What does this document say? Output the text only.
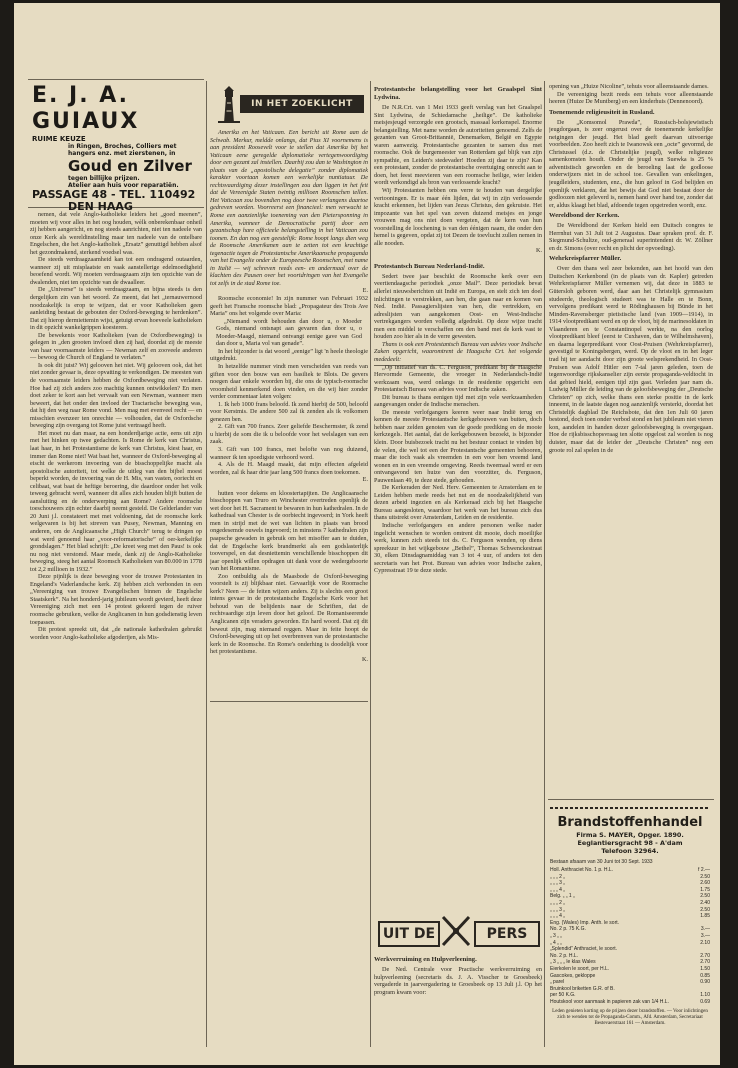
E. J. A. GUIAUX
RUIME KEUZE
in Ringen, Broches, Colliers met
hangers enz. met zierstenen, in
Goud en Zilver
tegen billijke prijzen.
Atelier aan huis voor reparatiën.
PASSAGE 48 - TEL. 110492
DEN HAAG

nemen, dat vele Anglo-katholieke leiders het „goed meenen”, moeten wij voor alles in het oog houden, wèlk onberekenbaar onheil zij hebben aangericht, en nog steeds aanrichten, niet ten nadeele van onze Kerk als wereldinstelling maar ten nadeele van de ontelbare Engelschen, die het Anglo-katholiek „Ersatz” genuttigd hebben alsof het gezondmakend, sterkend voedsel was.

De steeds verdraagzaamheid kan tot een ondragend outaarden, wanneer zij uit misplaatste en vaak aanstellerige edelmoedigheid beoefend wordt. Wij moeten verdraagzaam zijn ten opzichte van de dwalenden, niet ten opzichte van de dwaalleer.

De „Universe” is steeds verdraagzaam, en bijna steeds is den dergelijken zin van het woord. Ze meent, dat het „ternauwernood noodzakelijk is erop te wijzen, dat er voor Katholieken geen aanleiding bestaat de gebouten der Oxford-beweging te herdenken”. Dat zij hierop dermiettemin wijst, getuigt ervan hoeveele katholieken in dit opzicht wankelgrippen koesteren.

De bewekenis voor Katholieken (van de Oxfordbeweging) is gelegen in „den grooten invloed dien zij had, doordat zij de meeste van haar voornaamste leiders — Newman zelf en zooveele anderen — bewoog de Church of England te verlaten.”

Is ook dit juist? Wij gelooven het niet. Wij gelooven ook, dat het niet zonder gevaar is, deze opvatting te verkondigen. De meesten van de voornaamste leiders hebben de Oxfordbeweging niet verlaten. Hoe had zij zich anders zoo machtig kunnen ontwikkelen? En men doet zeker te kort aan het vervaalt van een Newman, wanneer men beweert, dat het onder den invloed der Tractarische beweging was, dat hij den weg naar Rome vond. Men mag met evenveel recht — en misschien evenzeer ten onrechte — volhouden, dat de Oxfordsche beweging zijn overgang tot Rome juist vertraagd heeft.

Het moet nu dan maar, na een honderdjarige actie, eens uit zijn met het hinken op twee gedachten. Is Rome de kerk van Christus, laat haar, in het Protestantisme de kerk van Christus, kiest haar, en immer dan Rome niet! Wat baat het, wanneer de Oxford-beweging al eischt de werkerom invoering van de bisschoppelijke macht als apostolische autoriteit, tot welke de uitleg van den bijbel moest beperkt worden, de invoering van de H. Mis, van vasten, ooriecht en celibaat, wat baat de heftige beroering, die daardoor onder het volk teweeg gebracht werd, wanneer dit alles zich houden blijft buiten de aansluiting en de onderwerping aan Rome? Andere roomsche toeschouwers zijn echter daarbij neemt gesteld. De Gelderlander van 20 Juni j.l. constateert met met voldoening, dat de roomsche kerk welgevaren is bij het streven van Pusey, Newman, Manning en anderen, om de Anglicaansche „High Church” terug te dringen op wat werd genoemd haar „voor-reformatorische” of oer-kerkelijke grondslagen.” Het blad schrijft: „De kreet weg met den Paus! is ook nu nog niet verstomd. Maar mede, dank zij de Anglo-Katholieke beweging, steeg het aantal Roomsch Katholieken van 80.000 in 1778 tot 2,2 millioen in 1932.”

Deze pijnlijk is deze beweging voor de trouwe Protestanten in Engeland's Vaderlandsche kerk. Zij hebben zich verbonden in een „Vereeniging van trouwe Evangelischen binnen de Engelsche Staatskerk”. Na het honderd-jarig jubileum wordt gevierd, heeft deze Vereeniging zich met een 14 protest gekeerd tegen de ruiver roomsche gebruiken, welke de Anglicanen in hun godsdienstig leven toepassen.

Dit protest spreekt uit, dat „de nationale kathedralen gebruikt worden voor Anglo-katholieke afgoderijen, als Mis-

IN HET ZOEKLICHT

Amerika en het Vaticaan. Een bericht uit Rome aan de Schwab. Merkur, meldde onlangs, dat Pius XI voornemens is aan president Roosevelt voor te stellen dat Amerika bij het Vaticaan eene geregelde diplomatieke vertegenwoordiging door een gezant zal instellen. Daarbij zou dan te Washington in plaats van de „apostolische delegatie” zonder diplomatiek karakter voortaan komen een werkelijke nuntiatuur. De rechtsvaardiging dezer instellingen zou dan liggen in het feit dat de Vereenigde Staten twintig millioen Roomschen tellen. Het Vaticaan zou bovendien nog door twee verlangens daartoe gedreven worden. Voorreerst een financieel: men verwacht te Rome een aanzienlijke toeneming van den Pietersponning in Amerika, wanneer de Democratische partij door een gezantschap hare officieele belangstelling in het Vaticaan zou toonen. En dan nog een geestelijk: Rome hoopt langs dien weg de Roomsche Amerikanen aan te zetten tot een krachtige tegenactie tegen de Protestantsche Amerikaansche propaganda van het Evangelie onder de Europeesche Roomschen, met name in Italië — wij schreven reeds een- en andermaal over de klachten des Pausen over het voortdringen van het Evangelie tot zelfs in de stad Rome toe.

E.

Roomsche economie! In zijn nummer van Februari 1932 geeft het Fransche roomsche blad: „Propagateur des Trois Ave Maria” ons het volgende over Maria:

„Niemand wordt behouden dan door u, o Moeder Gods, niemand ontsnapt aan gevaren dan door u, o Moeder-Maagd, niemand ontvangt eenige gave van God dan door u, Maria vol van genade”.

In het bijzonder is dat woord „eenige” ligt 'n heele theologie uitgedrukt.

In hetzelfde nummer vindt men verscheiden van reeds van giften voor den bouw van een basiliek te Blois. De gevers noegen daar enkele woorden bij, die ons de typisch-roomsche vroomheid kenmerkend doen vinden, en die wij hier zonder verder commentaar laten volgen:

1. Ik heb 1000 frans beloofd. Ik zend hierbij de 500, beloofd voor Kerstmis. De andere 500 zal ik zenden als ik volkomen genezen ben.

2. Gift van 700 francs. Zeer geliefde Beschermster, ik zend u hierbij de som die ik u beloofde voor het welslagen van een zaak.

3. Gift van 100 francs, met belofte van nog duizend, wanneer ik ten spoedigste verhoord word.

4. Als de H. Maagd maakt, dat mijn effecten afgeleid worden, zal ik haar drie jaar lang 500 francs doen toekomen.

E.

hutten voor dekens en kloostertapijten. De Anglicaansche bisschoppen van Truro en Winchester overtreden openlijk de wet door het H. Sacrament te bewaren in hun kathedralen. In de kathedraal van Chester is de oorbiecht ingevoerd; in York heeft men in strijd met de wet van lichten in plaats van brood ongedesemde ouwels ingevoerd; in minstens 7 kathedralen zijn paapsche gewaden in gebruik om het misoffer aan te duiden, dat de Engelsche kerk brandmerkt als een godslasterlijk tooverspel, en dat desniettemin verschillende bisschoppen dit jaar openlijk willen opdragen uit dank voor de wedergeboorte van het Romanisme.

Zoo ontbuldig als de Maasbode de Oxford-beweging voorstelt is zij blijkbaar niet. Gevaarlijk voor de Roomsche kerk? Neen — de feiten wijzen anders. Zij is slechts een groot intens gevaar in de protestantsche Engelsche Kerk voor het behoud van de belijdenis naar de Schriften, dat de rechtvaardige zijn leven door het geloof. De Romaniseerende Anglicanen zijn veraders geworden. En hard woord. Dat zij dit beweut zijn, mag niemand reggen. Maar in feite hoopt de Oxford-beweging uit op het overbrenven van de protestantsche kerk in de Roomsche. En Rome's onderhing is doodelijk voor het protestantisme.

K.

Protestantsche belangstelling voor het Graalspel Sint Lydwina.

De N.R.Crt. van 1 Mei 1933 geeft verslag van het Graalspel Sint Lydwina, de Schiedamsche „heilige”. De katholieke meisjesjeugd verzorgde een grootsch, massaal kerkenspel. Enorme belangstelling. Met name worden de autoriteiten genoemd. Zelfs de gezanten van Groot-Brittannië, Denemarken, België en Egypte waren aanwezig. Protestantsche gezanten te samen dus met roomsche. Ook de burgemeester van Rotterdam gaf blijk van zijn sympathie, en Leiden's stedevader! Hoeden zij daar te zijn? Kan een protestant, zonder de protestantsche overtuiging onrecht aan te doen, het feest meevieren van een roomsche heilige, wier leiden wordt verkondigd als bron van verlossende kracht?

Wij Protestanten hebben ons verre te houden van dergelijke vertooningen. Er is maar één lijden, dat wij in zijn verlossende kracht erkennen, het lijden van Jezus Christus, den gekruiste. Het impozante van het spel van zeven duizend meisjes en jonge vrouwen mag ons niet doen vergeten, dat de kern van hun voorstelling de loochening is van den éénigen naam, die onder den hemel is gegeven, opdat zij tot Dezen de toevlucht zullen nemen in alle nooden.

K.

Protestantsch Bureau Nederland-Indië.

Sedert twee jaar beschikt de Roomsche kerk over een veertiendaagsche periodiek „onze Mail”. Deze periodiek bevat allerlei nieuwsberichten uit Indië en Europa, en stelt zich ten doel inlichtingen te verstrekken, aan hen, die gaan naar en komen van Ned. Indië. Passagierslijsten van hen, die vertrekken, en adreslijsten van aangekomen Oost- en West-Indische vertrekgangers worden volledig afgedrukt. Op deze wijze tracht men een middel te verschaffen om den band met de kerk vast te houden zoo hier als in de verre gewesten.

Thans is ook een Protestantsch Bureau van advies voor Indische Zaken opgericht, waaromtrent de Haagsche Crt. het volgende mededeelt:

„Op initiatief van ds. C. Ferguson, predikant bij de Haagsche Hervormde Gemeente, die vroeger in Nederlandsch-Indië werkzaam was, werd onlangs in de residentie opgericht een Protestantsch Bureau van advies voor Indische zaken.

Dit bureau is thans eenigen tijd met zijn vele werkzaamheden aangevangen onder de Indische menschen.

De meeste verlofgangers keeren weer naar Indië terug en kennen de meeste Protestantsche kerkgebouwen van buiten, doch hebben naar zelden genoten van de goede prediking en de mooie kerkzegels. Het aantal, dat de kerkgebouwen bezoekt, is bijzonder klein. Door buisbezoek tracht nu het bestuur contact te vinden bij de velen, die wel tot een der Protestantsche gemeenten behooren, maar die toch vaak als vreemden in een voor hen vreemd land wonen en in een vreemde omgeving. Reeds tweemaal werd er een ontvangavond ten huize van den voorzitter, ds. Ferguson, Pauwenlaan 49, te deze stede, gehouden.

De Kerkeraden der Ned. Herv. Gemeenten te Amsterdam en te Leiden hebben mede reeds het nut en de noodzakelijkheid van dezen arbeid ingezien en als Kerkeraad zich bij het Haagsche Bureau aangesloten, waardoor het werk van het bureau zich dus thans uitstrekt over Amsterdam, Leiden en de residentie.

Indische verlofgangers en andere personen welke nader ingelicht wenschen te worden omtrent dit mooie, doch moeilijke werk, kunnen zich steeds tot ds. C. Ferguson wenden, op diens spreekuur in het wijkgebouw „Bethel”, Thomas Schwenckestraat 30, elken Dinsdagnamiddag van 3 tot 4 uur, of anders tot den secretaris van het Prot. Bureau van advies voor Indische zaken, Cypresstraat 19 te deze stede.

UIT DE	PERS

Werkverruiming en Hulpverleening.

De Ned. Centrale voor Practische werkverruiming en hulpverleening (secretaris ds. J. A. Visscher te Groesbeek) vergaderde in jaarvergadering te Groesbeek op 13 Juli j.l. Op het program kwam voor:

opening van „Huize Nicoline”, tehuis voor alleenstaande dames.

De vereeniging bezit reeds een tehuis voor alleenstaande heeren (Huize De Muntberg) en een kinderhuis (Dennenoord).

Toenemende religieusiteit in Rusland.

De „Komsomol Prawda”, Russisch-bolsjewistisch jeugdorgaan, is zeer ongerust over de toenemende kerkelijke neigingen der jeugd. Het blad geeft daarvan uitvoerige voorbeelden. Zoo heeft zich te Iwanowsk een „octe” gevormd, de Christussel (d.z. de Christelijke jeugd), welke religieuze samenkomsten houdt. Onder de jeugd van Suewka is 25 % adventistisch geworden en de beroeling laat de godloose onderwijzers niet in de school toe. Gevallen van enkelingen, jeugdleiders, studenten, enz., die hun geloof in God belijden en openlijk verklaren, dat het bewijs dat God niet bestaat door de godloozen niet geleverd is, nemen hand over hand toe, zonder dat er, aldus klaagt het blad, afdoende tegen opgetreden wordt, enz.

Wereldbond der Kerken.

De Wereldbond der Kerken hield een Duitsch congres te Herrnhut van 31 Juli tot 2 Augustus. Daar spraken prof. dr. F. Siegmund-Schultze, oud-generaal superintendent dr. W. Zöllner en dr. Simons (over recht en plicht der opvoeding).

Wehrkreispfarrer Müller.

Over den thans wel zeer bekenden, aan het hoofd van den Duitschen Kerkenbond (in de plaats van dr. Kapler) getreden Wehrkreispfarrer Müller vernemen wij, dat deze in 1883 te Gütersloh geboren werd, daar aan het Christelijk gymnasium studeerde, theologisch studeert was te Halle en te Bonn, vervolgens predikant werd te Rödinghausen bij Bünde in het Minden-Ravensberger pietistische land (van 1909—1914), in 1914 vlootpredikant werd en op de vloot, bij de marinesoldaten in Vlaanderen en te Constantinopel werkte, na den oorlog vlootpredikant bleef (eerst te Cuxhaven, dan te Wilhelmshaven), en daarna legerpredikant voor Oost-Pruisen (Wehrkreispfarrer), gevestigd te Koningsbergen, werd. Op de vloot en in het leger trad hij ter aandacht door zijn groote welsprekendheid. In Oost-Pruisen was Adolf Hitler een 7-tal jaren geleden, toen de tegenwoordige rijkskanselier zijn eerste propaganda-veldtocht in dat gebied hield, eenigen tijd zijn gast. Verleden jaar nam ds. Ludwig Müller de leiding van de geloofsbeweging der „Deutsche Christen” op zich, welke thans een sterke positie in de kerk inneemt, in de laatste dagen nog aanzienlijk versterkt, doordat het Christelijk dagblad De Reichsbote, dat den 1en Juli 60 jaren bestond, doch toen onder verbod stond en het jubileum niet vieren kon, aandelen in handen dezer geloofsbeweging is overgegaan. Hoe de rijksbisschopsvraag ten slotte opgelost zal worden is nog duister, maar dat de leider der „Deutsche Christen” nog een groote rol zal spelen in de

Brandstoffenhandel
Firma S. MAYER, Opger. 1890.
Eeglantiersgracht 98 - A'dam
Telefoon 32964.
Bestaan afsaam van 30 Juni tot 30 Sept. 1933
Holl. Anthraciet No. 1 p. H.L.	f 2.—
„ „ „ 2 „	2.50
„ „ „ 3 „	2.60
„ „ „ 4 „	1.75
Belg. „ „ 1 „	2.50
„ „ „ 2 „	2.40
„ „ „ 3 „	2.50
„ „ „ 4 „	1.85
Eng. (Wales) Imp. Anth. le sort.	
No. 2 p. 75 K.G.	3.—
„ 3 „ „	3.—
„ 4 „ „	2.10
„Splendid” Anthraciet, le soort.	
No. 2 p. H.L.	2.70
„ 3 „ „ „ le klas Wales	2.70
Eierkolen le soort, per H.L.	1.50
Gascokes, gekloppe	0.85
„ parel	0.90
Bruinkool briketten G.R. of B.	
per 50 K.G.	1.10
Houtskool voor aanmaak in papieren zak van 1/4 H.L.	0.69
Leden genieten korting op de prijzen dezer brandstoffen. — Voor inlichtingen zich te wenden tot de Propaganda-Comm., Afd. Amsterdam, Secretariaat
Bestevaerstraat 161 — Amsterdam.
